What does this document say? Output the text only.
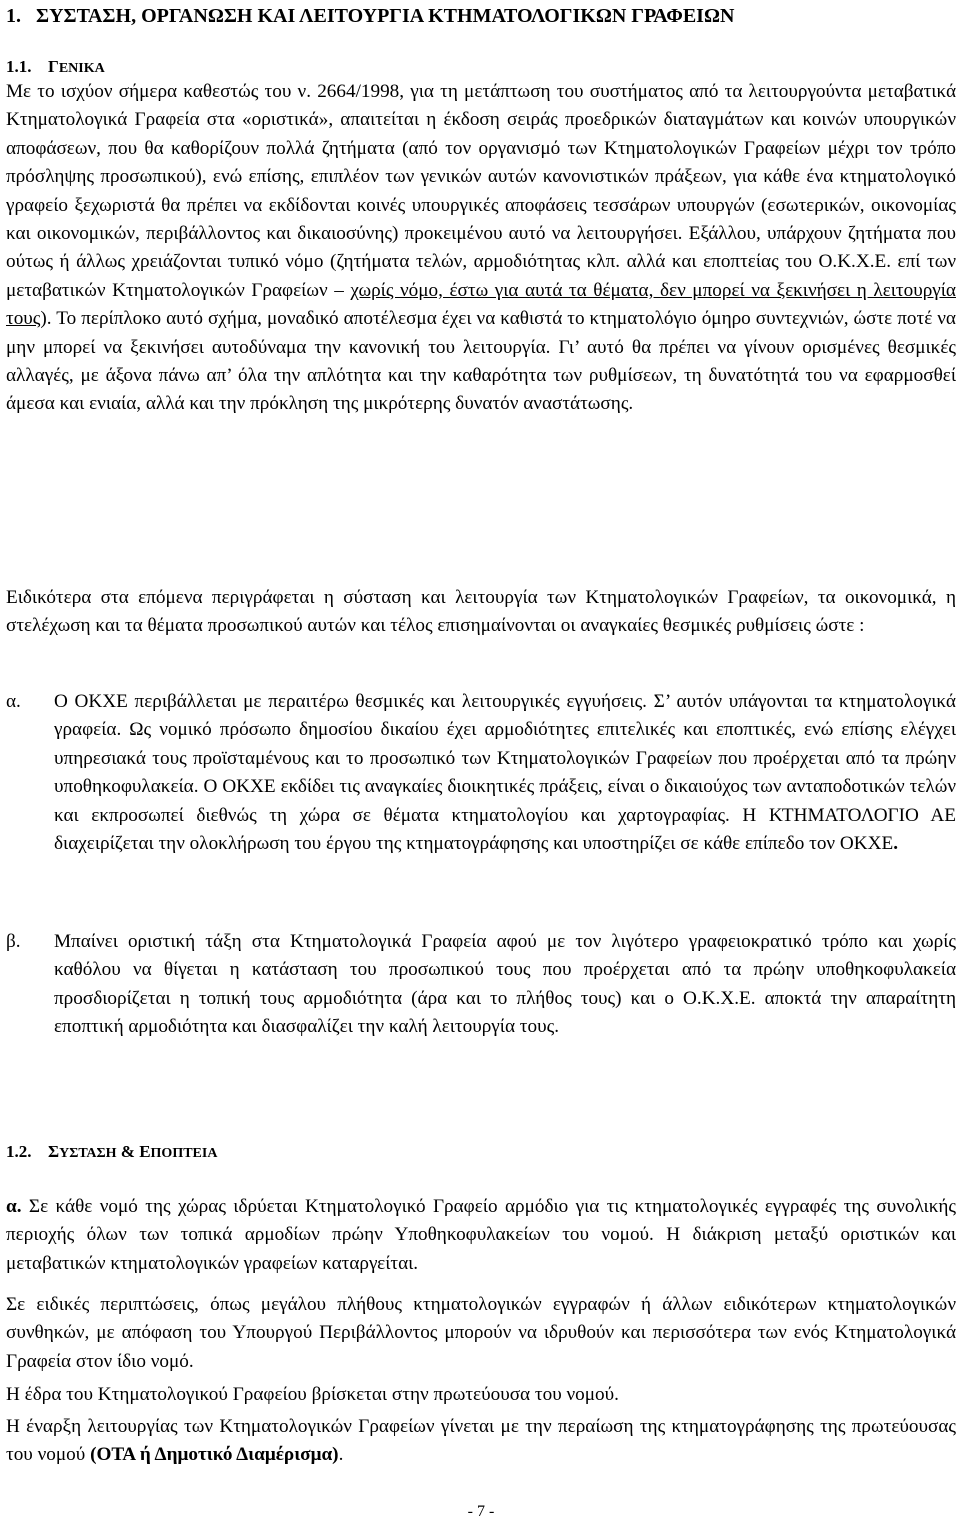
1. ΣΥΣΤΑΣΗ, ΟΡΓΑΝΩΣΗ ΚΑΙ ΛΕΙΤΟΥΡΓΙΑ ΚΤΗΜΑΤΟΛΟΓΙΚΩΝ ΓΡΑΦΕΙΩΝ
1.1. ΓΕΝΙΚΑ
Με το ισχύον σήμερα καθεστώς του ν. 2664/1998, για τη μετάπτωση του συστήματος από τα λειτουργούντα μεταβατικά Κτηματολογικά Γραφεία στα «οριστικά», απαιτείται η έκδοση σειράς προεδρικών διαταγμάτων και κοινών υπουργικών αποφάσεων, που θα καθορίζουν πολλά ζητήματα (από τον οργανισμό των Κτηματολογικών Γραφείων μέχρι τον τρόπο πρόσληψης προσωπικού), ενώ επίσης, επιπλέον των γενικών αυτών κανονιστικών πράξεων, για κάθε ένα κτηματολογικό γραφείο ξεχωριστά θα πρέπει να εκδίδονται κοινές υπουργικές αποφάσεις τεσσάρων υπουργών (εσωτερικών, οικονομίας και οικονομικών, περιβάλλοντος και δικαιοσύνης) προκειμένου αυτό να λειτουργήσει. Εξάλλου, υπάρχουν ζητήματα που ούτως ή άλλως χρειάζονται τυπικό νόμο (ζητήματα τελών, αρμοδιότητας κλπ. αλλά και εποπτείας του Ο.Κ.Χ.Ε. επί των μεταβατικών Κτηματολογικών Γραφείων – χωρίς νόμο, έστω για αυτά τα θέματα, δεν μπορεί να ξεκινήσει η λειτουργία τους). Το περίπλοκο αυτό σχήμα, μοναδικό αποτέλεσμα έχει να καθιστά το κτηματολόγιο όμηρο συντεχνιών, ώστε ποτέ να μην μπορεί να ξεκινήσει αυτοδύναμα την κανονική του λειτουργία. Γι’ αυτό θα πρέπει να γίνουν ορισμένες θεσμικές αλλαγές, με άξονα πάνω απ’ όλα την απλότητα και την καθαρότητα των ρυθμίσεων, τη δυνατότητά του να εφαρμοσθεί άμεσα και ενιαία, αλλά και την πρόκληση της μικρότερης δυνατόν αναστάτωσης.
Ειδικότερα στα επόμενα περιγράφεται η σύσταση και λειτουργία των Κτηματολογικών Γραφείων, τα οικονομικά, η στελέχωση και τα θέματα προσωπικού αυτών και τέλος επισημαίνονται οι αναγκαίες θεσμικές ρυθμίσεις ώστε :
α. Ο ΟΚΧΕ περιβάλλεται με περαιτέρω θεσμικές και λειτουργικές εγγυήσεις. Σ’ αυτόν υπάγονται τα κτηματολογικά γραφεία. Ως νομικό πρόσωπο δημοσίου δικαίου έχει αρμοδιότητες επιτελικές και εποπτικές, ενώ επίσης ελέγχει υπηρεσιακά τους προϊσταμένους και το προσωπικό των Κτηματολογικών Γραφείων που προέρχεται από τα πρώην υποθηκοφυλακεία. Ο ΟΚΧΕ εκδίδει τις αναγκαίες διοικητικές πράξεις, είναι ο δικαιούχος των ανταποδοτικών τελών και εκπροσωπεί διεθνώς τη χώρα σε θέματα κτηματολογίου και χαρτογραφίας. Η ΚΤΗΜΑΤΟΛΟΓΙΟ ΑΕ διαχειρίζεται την ολοκλήρωση του έργου της κτηματογράφησης και υποστηρίζει σε κάθε επίπεδο τον ΟΚΧΕ.
β. Μπαίνει οριστική τάξη στα Κτηματολογικά Γραφεία αφού με τον λιγότερο γραφειοκρατικό τρόπο και χωρίς καθόλου να θίγεται η κατάσταση του προσωπικού τους που προέρχεται από τα πρώην υποθηκοφυλακεία προσδιορίζεται η τοπική τους αρμοδιότητα (άρα και το πλήθος τους) και ο Ο.Κ.Χ.Ε. αποκτά την απαραίτητη εποπτική αρμοδιότητα και διασφαλίζει την καλή λειτουργία τους.
1.2. ΣΥΣΤΑΣΗ & ΕΠΟΠΤΕΙΑ
α. Σε κάθε νομό της χώρας ιδρύεται Κτηματολογικό Γραφείο αρμόδιο για τις κτηματολογικές εγγραφές της συνολικής περιοχής όλων των τοπικά αρμοδίων πρώην Υποθηκοφυλακείων του νομού. Η διάκριση μεταξύ οριστικών και μεταβατικών κτηματολογικών γραφείων καταργείται.
Σε ειδικές περιπτώσεις, όπως μεγάλου πλήθους κτηματολογικών εγγραφών ή άλλων ειδικότερων κτηματολογικών συνθηκών, με απόφαση του Υπουργού Περιβάλλοντος μπορούν να ιδρυθούν και περισσότερα των ενός Κτηματολογικά Γραφεία στον ίδιο νομό.
Η έδρα του Κτηματολογικού Γραφείου βρίσκεται στην πρωτεύουσα του νομού.
Η έναρξη λειτουργίας των Κτηματολογικών Γραφείων γίνεται με την περαίωση της κτηματογράφησης της πρωτεύουσας του νομού (ΟΤΑ ή Δημοτικό Διαμέρισμα).
- 7 -
